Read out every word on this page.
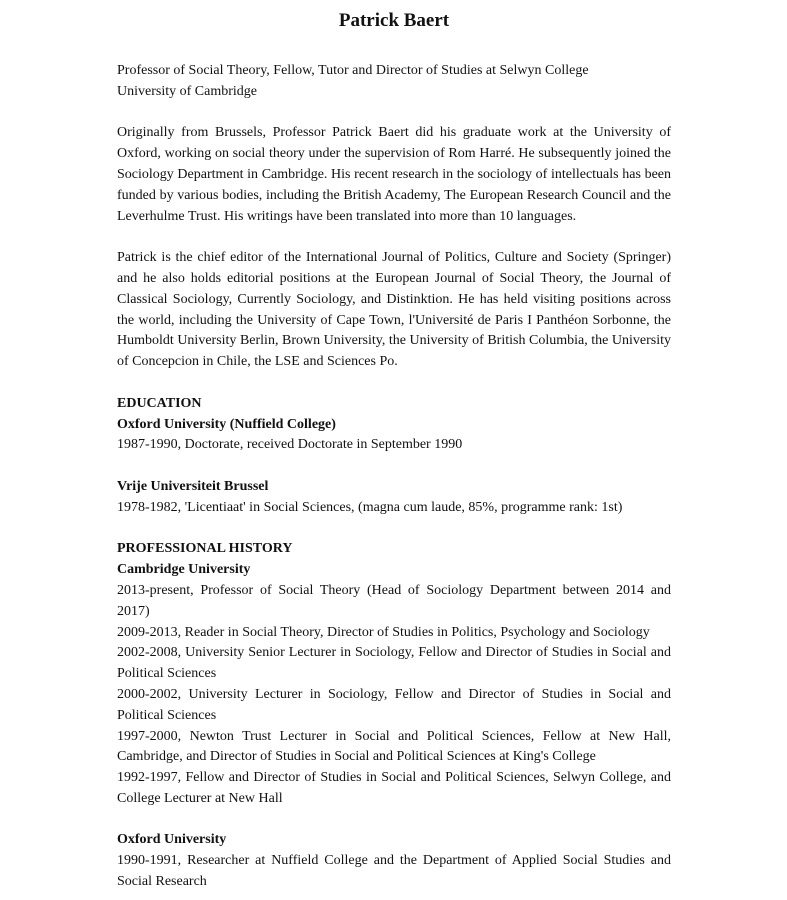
Patrick Baert
Professor of Social Theory, Fellow, Tutor and Director of Studies at Selwyn College
University of Cambridge

Originally from Brussels, Professor Patrick Baert did his graduate work at the University of Oxford, working on social theory under the supervision of Rom Harré. He subsequently joined the Sociology Department in Cambridge. His recent research in the sociology of intellectuals has been funded by various bodies, including the British Academy, The European Research Council and the Leverhulme Trust. His writings have been translated into more than 10 languages.

Patrick is the chief editor of the International Journal of Politics, Culture and Society (Springer) and he also holds editorial positions at the European Journal of Social Theory, the Journal of Classical Sociology, Currently Sociology, and Distinktion. He has held visiting positions across the world, including the University of Cape Town, l'Université de Paris I Panthéon Sorbonne, the Humboldt University Berlin, Brown University, the University of British Columbia, the University of Concepcion in Chile, the LSE and Sciences Po.

EDUCATION
Oxford University (Nuffield College)
1987-1990, Doctorate, received Doctorate in September 1990
Vrije Universiteit Brussel
1978-1982, 'Licentiaat' in Social Sciences, (magna cum laude, 85%, programme rank: 1st)
PROFESSIONAL HISTORY
Cambridge University
2013-present, Professor of Social Theory (Head of Sociology Department between 2014 and 2017)
2009-2013, Reader in Social Theory, Director of Studies in Politics, Psychology and Sociology
2002-2008, University Senior Lecturer in Sociology, Fellow and Director of Studies in Social and Political Sciences
2000-2002, University Lecturer in Sociology, Fellow and Director of Studies in Social and Political Sciences
1997-2000, Newton Trust Lecturer in Social and Political Sciences, Fellow at New Hall, Cambridge, and Director of Studies in Social and Political Sciences at King's College
1992-1997, Fellow and Director of Studies in Social and Political Sciences, Selwyn College, and College Lecturer at New Hall
Oxford University
1990-1991, Researcher at Nuffield College and the Department of Applied Social Studies and Social Research
